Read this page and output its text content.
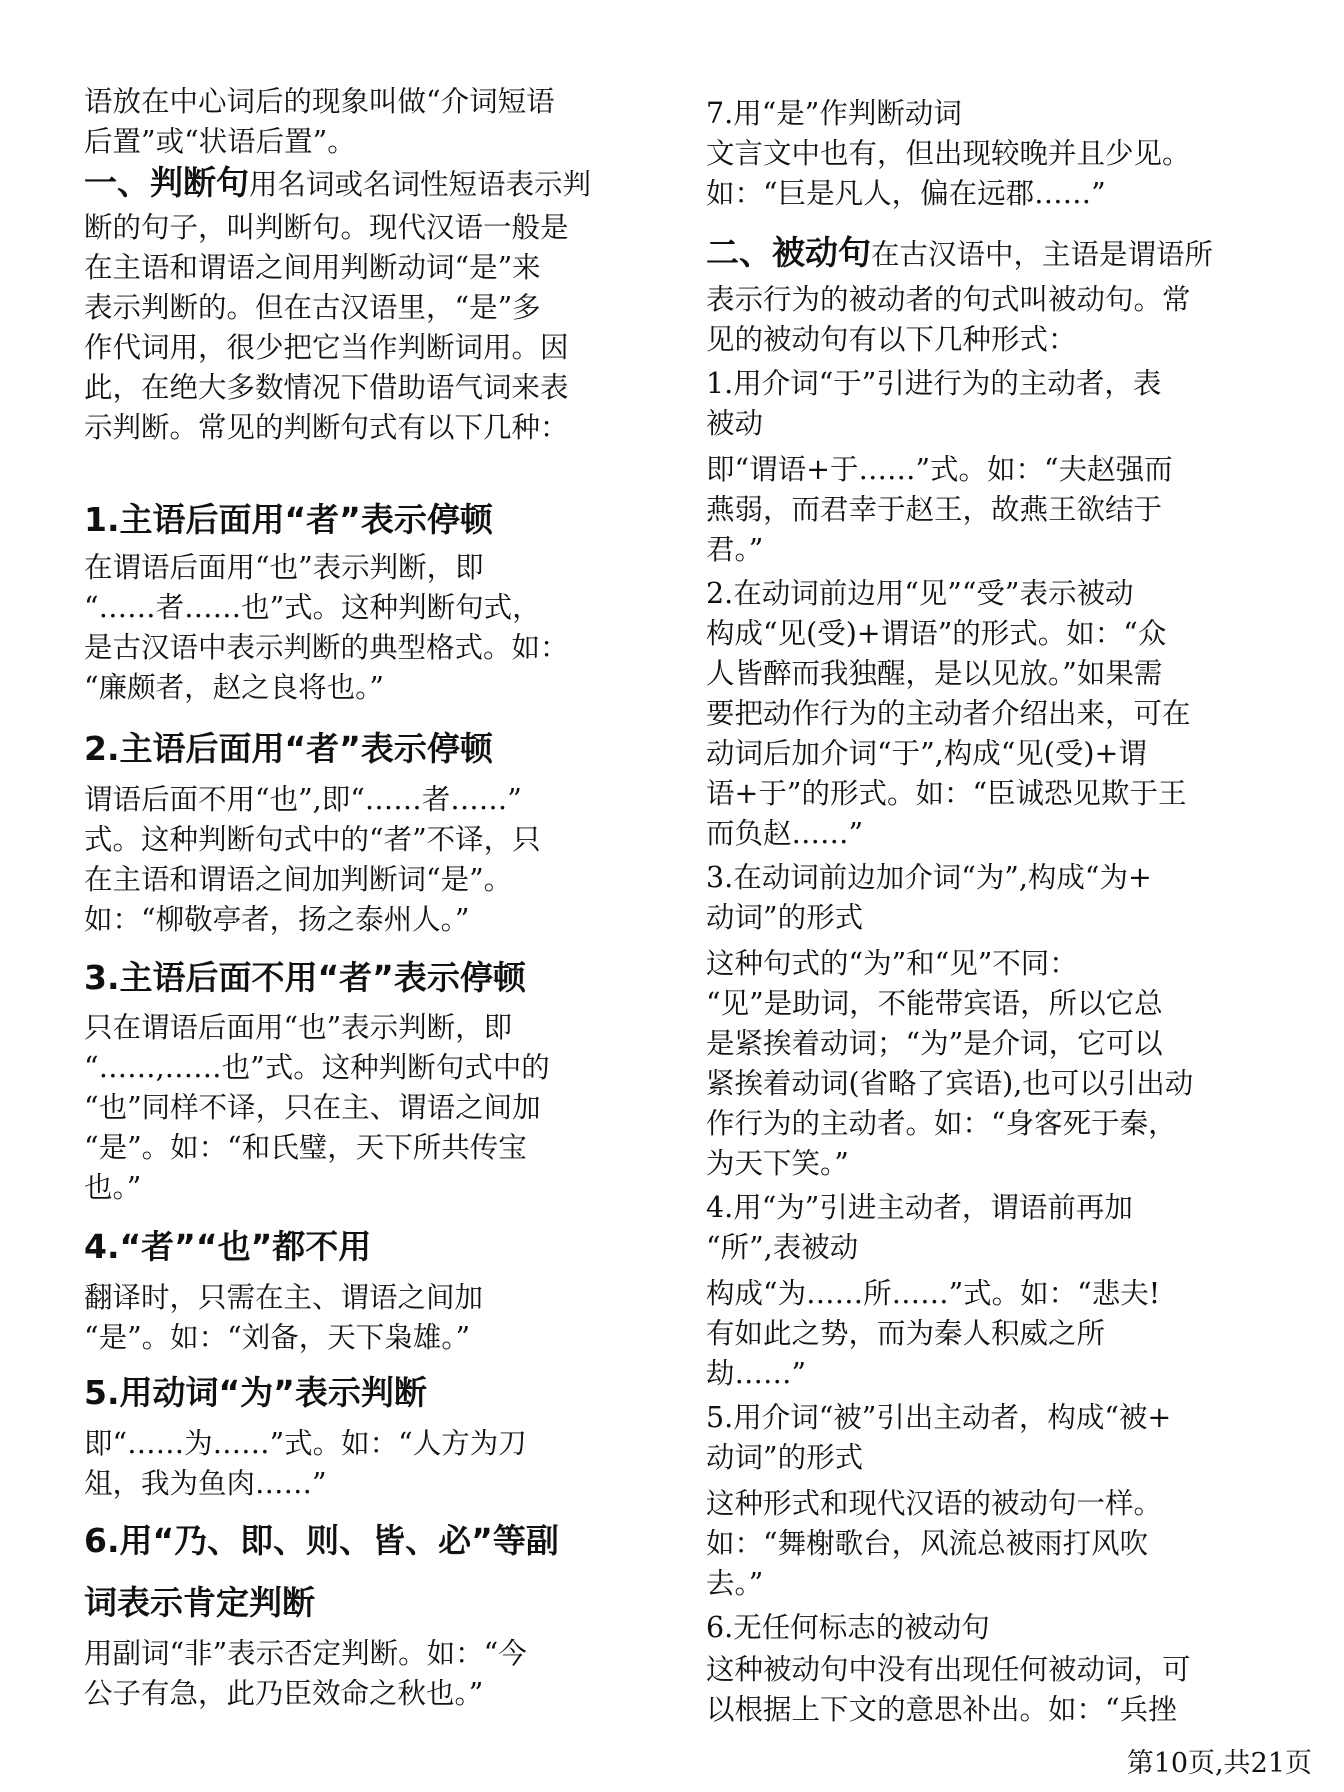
语放在中心词后的现象叫做“介词短语
后置”或“状语后置”。
一、判断句用名词或名词性短语表示判
断的句子，叫判断句。现代汉语一般是
在主语和谓语之间用判断动词“是”来
表示判断的。但在古汉语里，“是”多
作代词用，很少把它当作判断词用。因
此，在绝大多数情况下借助语气词来表
示判断。常见的判断句式有以下几种：
1.主语后面用“者”表示停顿
在谓语后面用“也”表示判断，即
“……者……也”式。这种判断句式，
是古汉语中表示判断的典型格式。如：
“廉颇者，赵之良将也。”
2.主语后面用“者”表示停顿
谓语后面不用“也”,即“……者……”
式。这种判断句式中的“者”不译，只
在主语和谓语之间加判断词“是”。
如：“柳敬亭者，扬之泰州人。”
3.主语后面不用“者”表示停顿
只在谓语后面用“也”表示判断，即
“……,……也”式。这种判断句式中的
“也”同样不译，只在主、谓语之间加
“是”。如：“和氏璧，天下所共传宝
也。”
4.“者”“也”都不用
翻译时，只需在主、谓语之间加
“是”。如：“刘备，天下枭雄。”
5.用动词“为”表示判断
即“……为……”式。如：“人方为刀
俎，我为鱼肉……”
6.用“乃、即、则、皆、必”等副
词表示肯定判断
用副词“非”表示否定判断。如：“今
公子有急，此乃臣效命之秋也。”
7.用“是”作判断动词
文言文中也有，但出现较晚并且少见。
如：“巨是凡人，偏在远郡……”
二、被动句在古汉语中，主语是谓语所
表示行为的被动者的句式叫被动句。常
见的被动句有以下几种形式：
1.用介词“于”引进行为的主动者，表
被动
即“谓语+于……”式。如：“夫赵强而
燕弱，而君幸于赵王，故燕王欲结于
君。”
2.在动词前边用“见”“受”表示被动
构成“见(受)+谓语”的形式。如：“众
人皆醉而我独醒，是以见放。”如果需
要把动作行为的主动者介绍出来，可在
动词后加介词“于”,构成“见(受)+谓
语+于”的形式。如：“臣诚恐见欺于王
而负赵……”
3.在动词前边加介词“为”,构成“为+
动词”的形式
这种句式的“为”和“见”不同：
“见”是助词，不能带宾语，所以它总
是紧挨着动词；“为”是介词，它可以
紧挨着动词(省略了宾语),也可以引出动
作行为的主动者。如：“身客死于秦，
为天下笑。”
4.用“为”引进主动者，谓语前再加
“所”,表被动
构成“为……所……”式。如：“悲夫!
有如此之势，而为秦人积威之所
劫……”
5.用介词“被”引出主动者，构成“被+
动词”的形式
这种形式和现代汉语的被动句一样。
如：“舞榭歌台，风流总被雨打风吹
去。”
6.无任何标志的被动句
这种被动句中没有出现任何被动词，可
以根据上下文的意思补出。如：“兵挫
第10页,共21页
